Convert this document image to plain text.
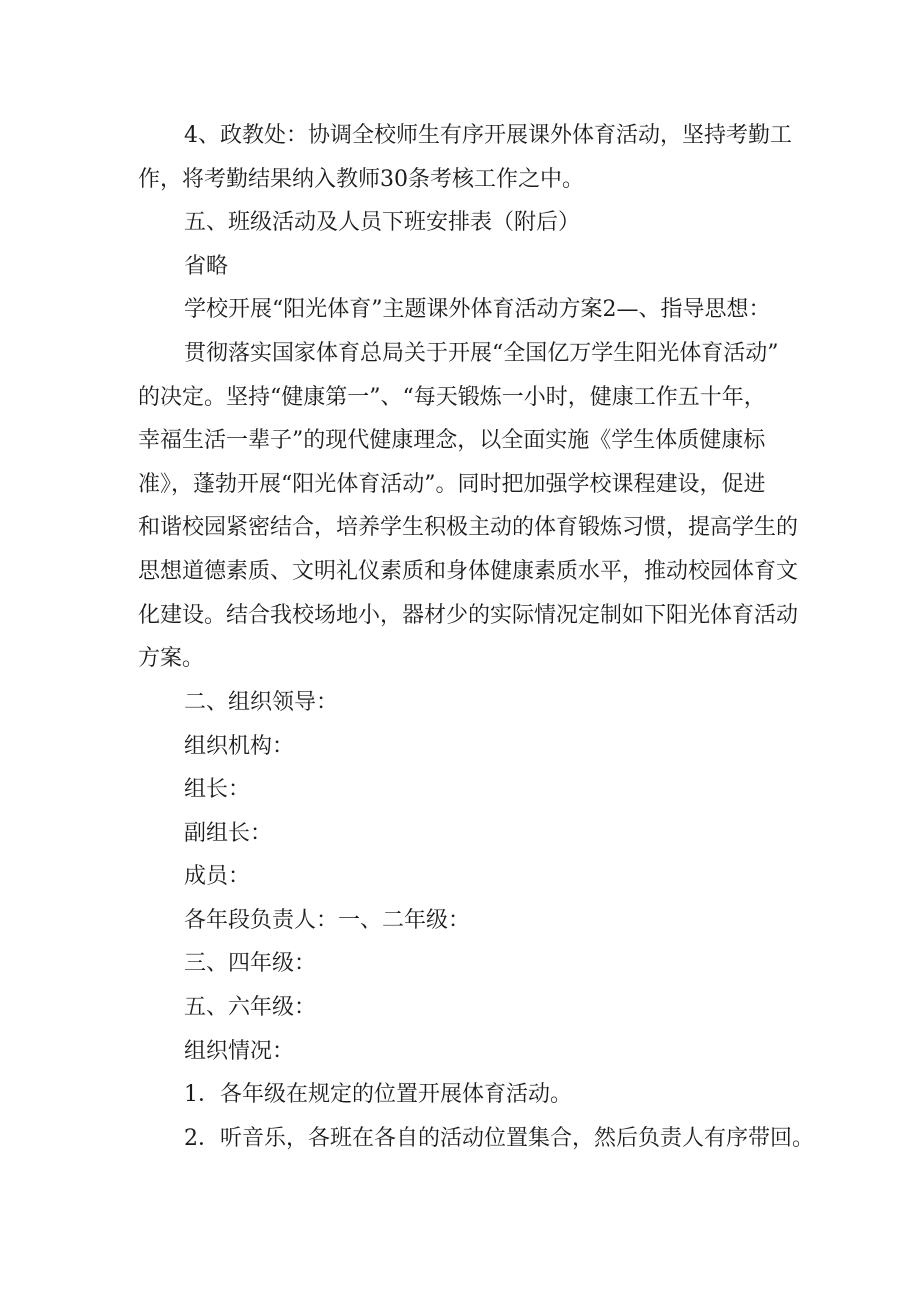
4、政教处：协调全校师生有序开展课外体育活动，坚持考勤工

作，将考勤结果纳入教师30条考核工作之中。

五、班级活动及人员下班安排表（附后）

省略

学校开展“阳光体育”主题课外体育活动方案2—、指导思想：

贯彻落实国家体育总局关于开展“全国亿万学生阳光体育活动”

的决定。坚持“健康第一”、“每天锻炼一小时，健康工作五十年，

幸福生活一辈子”的现代健康理念，以全面实施《学生体质健康标

准》，蓬勃开展“阳光体育活动”。同时把加强学校课程建设，促进

和谐校园紧密结合，培养学生积极主动的体育锻炼习惯，提高学生的

思想道德素质、文明礼仪素质和身体健康素质水平，推动校园体育文

化建设。结合我校场地小，器材少的实际情况定制如下阳光体育活动

方案。

二、组织领导：

组织机构：

组长：

副组长：

成员：

各年段负责人：一、二年级：

三、四年级：

五、六年级：

组织情况：

1．各年级在规定的位置开展体育活动。

2．听音乐，各班在各自的活动位置集合，然后负责人有序带回。
